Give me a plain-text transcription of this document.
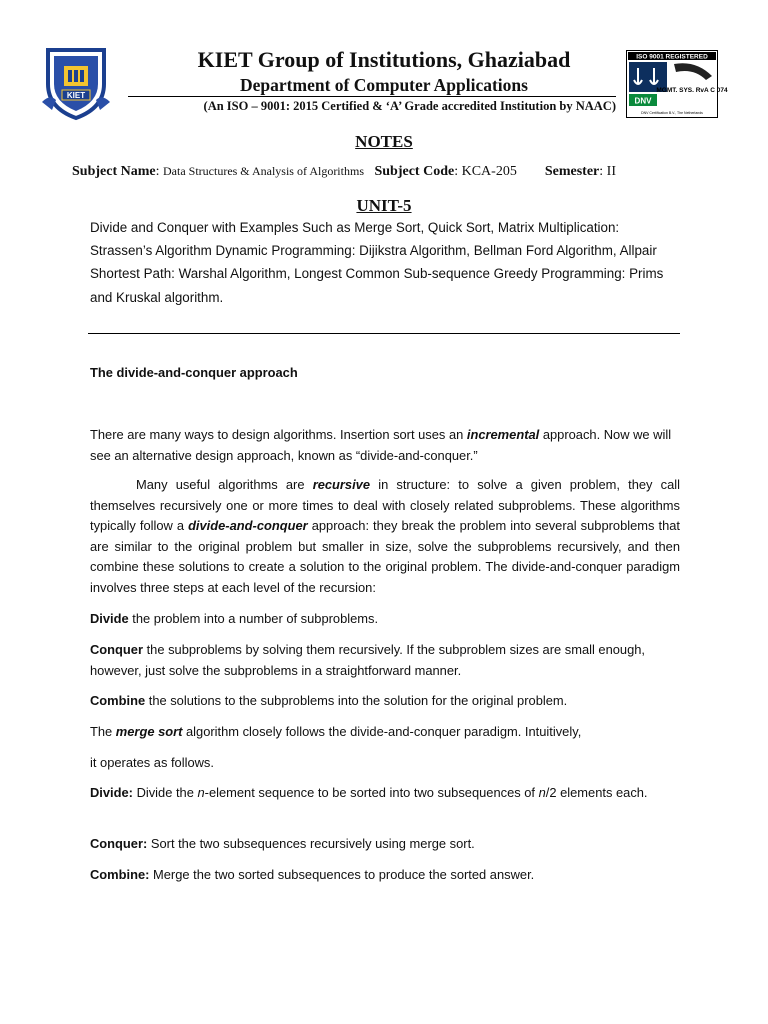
KIET
ISO 9001 REGISTERED
DNV
MGMT. SYS. RvA C 074
DNV Certification B.V., The Netherlands
KIET Group of Institutions, Ghaziabad
Department of Computer Applications
(An ISO – 9001: 2015 Certified & ‘A’ Grade accredited Institution by NAAC)
NOTES
Subject Name: Data Structures & Analysis of Algorithms Subject Code: KCA-205 Semester: II
UNIT-5

Divide and Conquer with Examples Such as Merge Sort, Quick Sort, Matrix Multiplication: Strassen’s Algorithm Dynamic Programming: Dijikstra Algorithm, Bellman Ford Algorithm, Allpair

Shortest Path: Warshal Algorithm, Longest Common Sub-sequence Greedy Programming: Prims and Kruskal algorithm.

The divide-and-conquer approach

There are many ways to design algorithms. Insertion sort uses an incremental approach. Now we will see an alternative design approach, known as “divide-and-conquer.”

Many useful algorithms are recursive in structure: to solve a given problem, they call themselves recursively one or more times to deal with closely related subproblems. These algorithms typically follow a divide-and-conquer approach: they break the problem into several subproblems that are similar to the original problem but smaller in size, solve the subproblems recursively, and then combine these solutions to create a solution to the original problem. The divide-and-conquer paradigm involves three steps at each level of the recursion:

Divide the problem into a number of subproblems.

Conquer the subproblems by solving them recursively. If the subproblem sizes are small enough, however, just solve the subproblems in a straightforward manner.

Combine the solutions to the subproblems into the solution for the original problem.

The merge sort algorithm closely follows the divide-and-conquer paradigm. Intuitively,

it operates as follows.

Divide: Divide the n-element sequence to be sorted into two subsequences of n/2 elements each.

Conquer: Sort the two subsequences recursively using merge sort.

Combine: Merge the two sorted subsequences to produce the sorted answer.
